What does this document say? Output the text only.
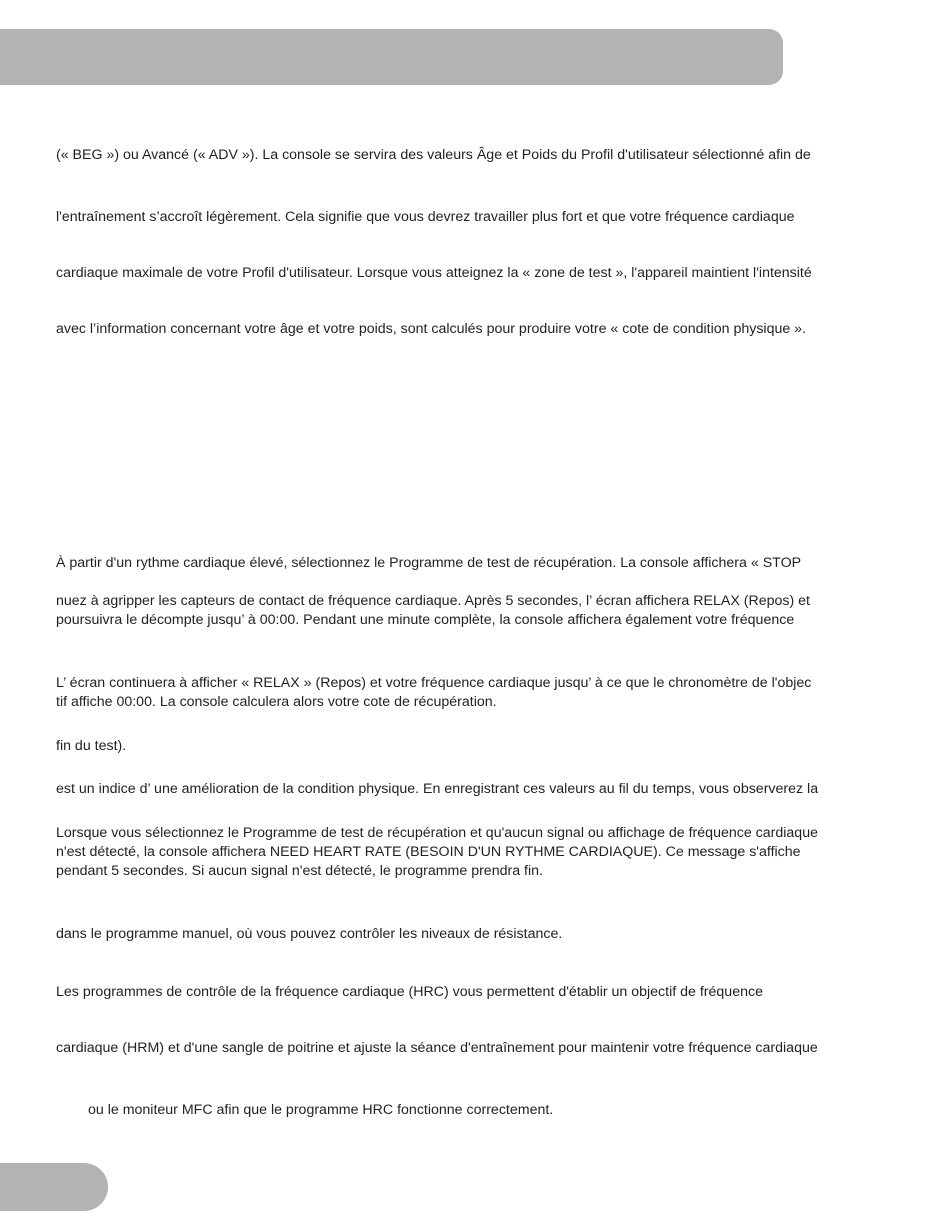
(« BEG ») ou Avancé (« ADV »). La console se servira des valeurs Âge et Poids du Profil d'utilisateur sélectionné afin de

l'entraînement s’accroît légèrement. Cela signifie que vous devrez travailler plus fort et que votre fréquence cardiaque

cardiaque maximale de votre Profil d'utilisateur. Lorsque vous atteignez la « zone de test », l'appareil maintient l'intensité

avec l’information concernant votre âge et votre poids, sont calculés pour produire votre « cote de condition physique ».

À partir d'un rythme cardiaque élevé, sélectionnez le Programme de test de récupération. La console affichera « STOP

nuez à agripper les capteurs de contact de fréquence cardiaque. Après 5 secondes, l’ écran affichera RELAX (Repos) et

poursuivra le décompte jusqu’ à 00:00. Pendant une minute complète, la console affichera également votre fréquence

L’ écran continuera à afficher « RELAX » (Repos) et votre fréquence cardiaque jusqu’ à ce que le chronomètre de l'objec

tif affiche 00:00. La console calculera alors votre cote de récupération.

fin du test).

est un indice d’ une amélioration de la condition physique. En enregistrant ces valeurs au fil du temps, vous observerez la

Lorsque vous sélectionnez le Programme de test de récupération et qu'aucun signal ou affichage de fréquence cardiaque

n'est détecté, la console affichera NEED HEART RATE (BESOIN D'UN RYTHME CARDIAQUE). Ce message s'affiche

pendant 5 secondes. Si aucun signal n'est détecté, le programme prendra fin.

dans le programme manuel, où vous pouvez contrôler les niveaux de résistance.

Les programmes de contrôle de la fréquence cardiaque (HRC) vous permettent d'établir un objectif de fréquence

cardiaque (HRM) et d'une sangle de poitrine et ajuste la séance d'entraînement pour maintenir votre fréquence cardiaque

ou le moniteur MFC afin que le programme HRC fonctionne correctement.
